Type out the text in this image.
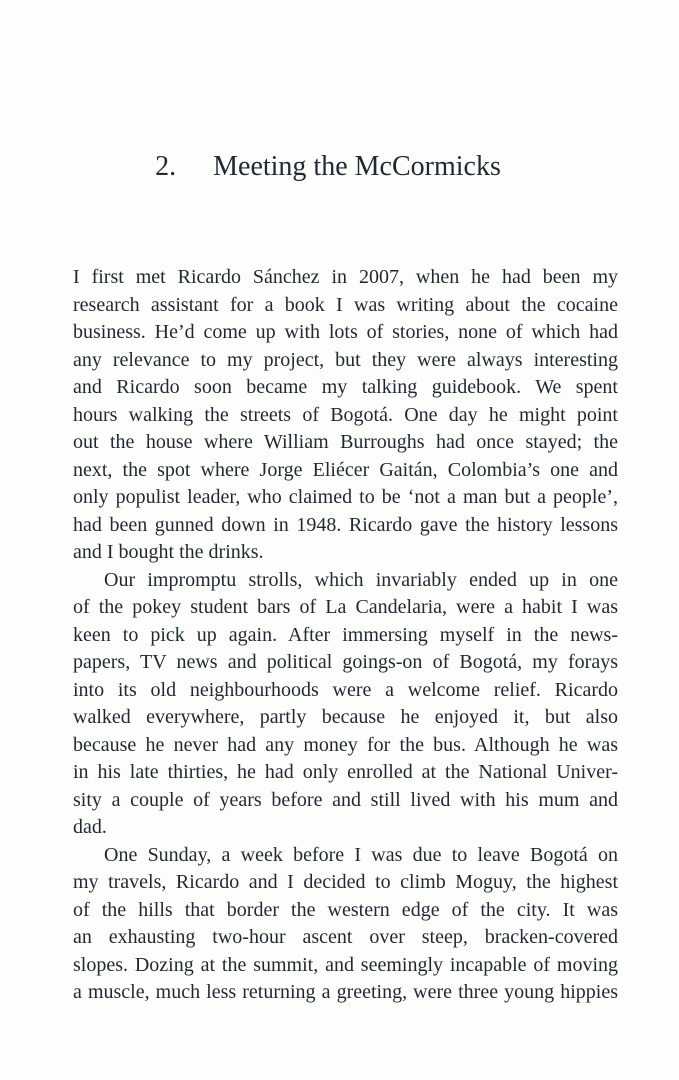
2. Meeting the McCormicks
I first met Ricardo Sánchez in 2007, when he had been my
research assistant for a book I was writing about the cocaine
business. He’d come up with lots of stories, none of which had
any relevance to my project, but they were always interesting
and Ricardo soon became my talking guidebook. We spent
hours walking the streets of Bogotá. One day he might point
out the house where William Burroughs had once stayed; the
next, the spot where Jorge Eliécer Gaitán, Colombia’s one and
only populist leader, who claimed to be ‘not a man but a people’,
had been gunned down in 1948. Ricardo gave the history lessons
and I bought the drinks.
Our impromptu strolls, which invariably ended up in one
of the pokey student bars of La Candelaria, were a habit I was
keen to pick up again. After immersing myself in the news-
papers, TV news and political goings-on of Bogotá, my forays
into its old neighbourhoods were a welcome relief. Ricardo
walked everywhere, partly because he enjoyed it, but also
because he never had any money for the bus. Although he was
in his late thirties, he had only enrolled at the National Univer-
sity a couple of years before and still lived with his mum and
dad.
One Sunday, a week before I was due to leave Bogotá on
my travels, Ricardo and I decided to climb Moguy, the highest
of the hills that border the western edge of the city. It was
an exhausting two-hour ascent over steep, bracken-covered
slopes. Dozing at the summit, and seemingly incapable of moving
a muscle, much less returning a greeting, were three young hippies
